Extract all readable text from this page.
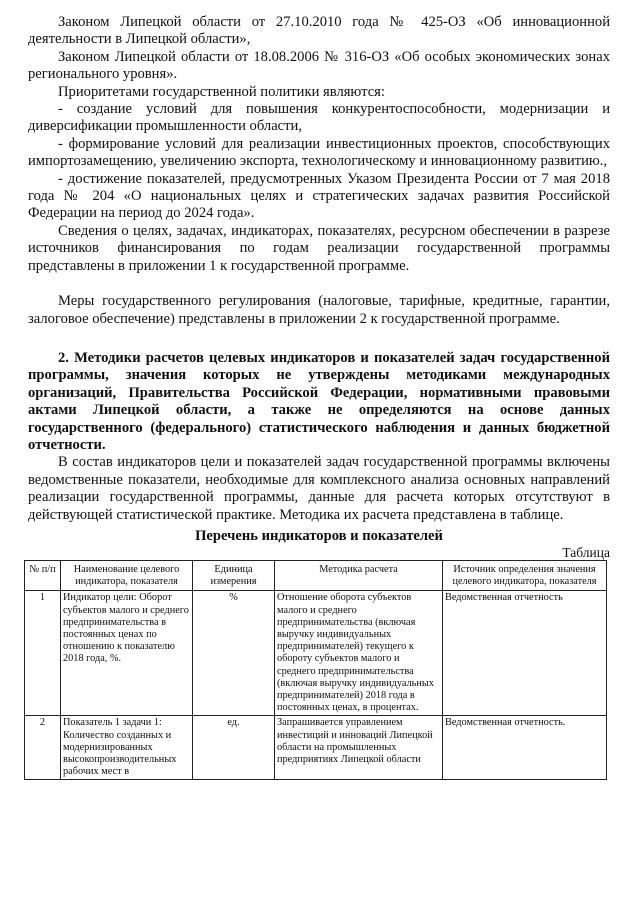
Законом Липецкой области от 27.10.2010 года № 425-ОЗ «Об инновационной деятельности в Липецкой области»,

Законом Липецкой области от 18.08.2006 № 316-ОЗ «Об особых экономических зонах регионального уровня».

Приоритетами государственной политики являются:

- создание условий для повышения конкурентоспособности, модернизации и диверсификации промышленности области,

- формирование условий для реализации инвестиционных проектов, способствующих импортозамещению, увеличению экспорта, технологическому и инновационному развитию.,

- достижение показателей, предусмотренных Указом Президента России от 7 мая 2018 года № 204 «О национальных целях и стратегических задачах развития Российской Федерации на период до 2024 года».

Сведения о целях, задачах, индикаторах, показателях, ресурсном обеспечении в разрезе источников финансирования по годам реализации государственной программы представлены в приложении 1 к государственной программе.

Меры государственного регулирования (налоговые, тарифные, кредитные, гарантии, залоговое обеспечение) представлены в приложении 2 к государственной программе.

2. Методики расчетов целевых индикаторов и показателей задач государственной программы, значения которых не утверждены методиками международных организаций, Правительства Российской Федерации, нормативными правовыми актами Липецкой области, а также не определяются на основе данных государственного (федерального) статистического наблюдения и данных бюджетной отчетности.

В состав индикаторов цели и показателей задач государственной программы включены ведомственные показатели, необходимые для комплексного анализа основных направлений реализации государственной программы, данные для расчета которых отсутствуют в действующей статистической практике. Методика их расчета представлена в таблице.

Перечень индикаторов и показателей
Таблица
№ п/п	Наименование целевого индикатора, показателя	Единица измерения	Методика расчета	Источник определения значения целевого индикатора, показателя
1	Индикатор цели: Оборот субъектов малого и среднего предпринимательства в постоянных ценах по отношению к показателю 2018 года, %.	%	Отношение оборота субъектов малого и среднего предпринимательства (включая выручку индивидуальных предпринимателей) текущего к обороту субъектов малого и среднего предпринимательства (включая выручку индивидуальных предпринимателей) 2018 года в постоянных ценах, в процентах.	Ведомственная отчетность
2	Показатель 1 задачи 1: Количество созданных и модернизированных высокопроизводительных рабочих мест в	ед.	Запрашивается управлением инвестиций и инноваций Липецкой области на промышленных предприятиях Липецкой области	Ведомственная отчетность.
